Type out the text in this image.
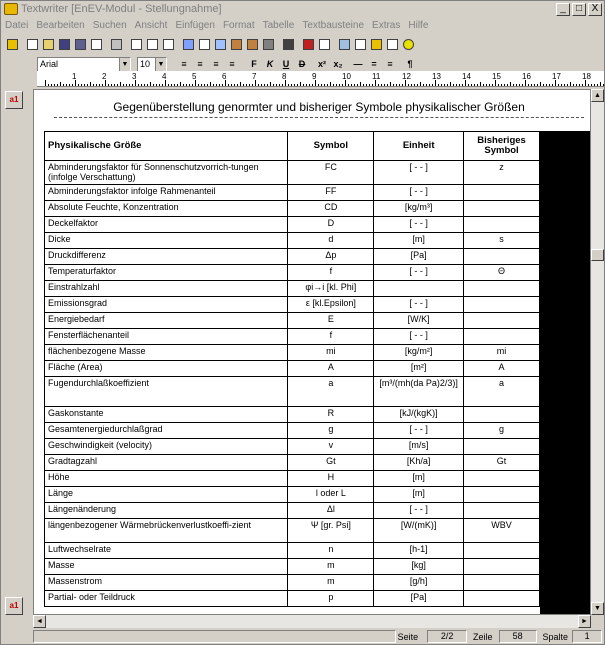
Textwriter [EnEV-Modul - Stellungnahme]	_	□ X
Datei Bearbeiten Suchen Ansicht Einfügen Format Tabelle Textbausteine Extras Hilfe
Arial	▼	10	▼	≡	≡	≡	≡	F	K	U	D	x² x₂ — =	≡	¶
1	2	3	4	5	6	7	8	9	10	11	12	13	14	15	16	17	18
a1
a1
Gegenüberstellung genormter und bisheriger Symbole physikalischer Größen
Physikalische Größe	Symbol	Einheit	Bisheriges Symbol
Abminderungsfaktor für Sonnenschutzvorrich-tungen (infolge Verschattung)	FC	[ - - ]	z
Abminderungsfaktor infolge Rahmenanteil	FF	[ - - ]	
Absolute Feuchte, Konzentration	CD	[kg/m³]	
Deckelfaktor	D	[ - - ]	
Dicke	d	[m]	s
Druckdifferenz	Δp	[Pa]	
Temperaturfaktor	f	[ - - ]	Θ
Einstrahlzahl	φi→i [kl. Phi]		
Emissionsgrad	ε [kl.Epsilon]	[ - - ]	
Energiebedarf	E	[W/K]	
Fensterflächenanteil	f	[ - - ]	
flächenbezogene Masse	mi	[kg/m²]	mi
Fläche (Area)	A	[m²]	A
Fugendurchlaßkoeffizient	a	[m³/(mh(da Pa)2/3)]	a
Gaskonstante	R	[kJ/(kgK)]	
Gesamtenergiedurchlaßgrad	g	[ - - ]	g
Geschwindigkeit (velocity)	v	[m/s]	
Gradtagzahl	Gt	[Kh/a]	Gt
Höhe	H	[m]	
Länge	l oder L	[m]	
Längenänderung	Δl	[ - - ]	
längenbezogener Wärmebrückenverlustkoeffi-zient	Ψ [gr. Psi]	[W/(mK)]	WBV
Luftwechselrate	n	[h-1]	
Masse	m	[kg]	
Massenstrom	m	[g/h]	
Partial- oder Teildruck	p	[Pa]	
▲
▼
◄	►
Seite	2/2	Zeile	58	Spalte	1
